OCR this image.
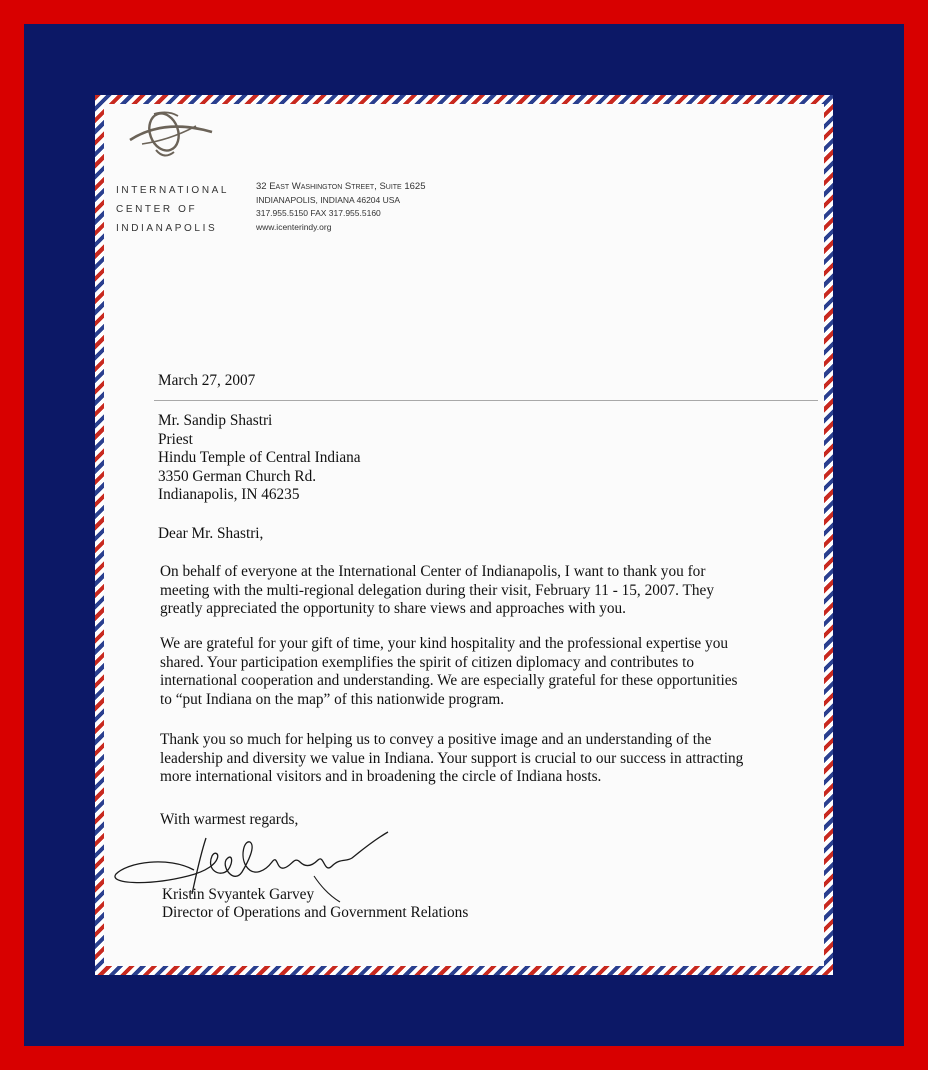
INTERNATIONAL
CENTER OF
INDIANAPOLIS
32 East Washington Street, Suite 1625
INDIANAPOLIS, INDIANA 46204 USA
317.955.5150 FAX 317.955.5160
www.icenterindy.org
March 27, 2007
Mr. Sandip Shastri
Priest
Hindu Temple of Central Indiana
3350 German Church Rd.
Indianapolis, IN 46235
Dear Mr. Shastri,
On behalf of everyone at the International Center of Indianapolis, I want to thank you for
meeting with the multi-regional delegation during their visit, February 11 - 15, 2007. They
greatly appreciated the opportunity to share views and approaches with you.
We are grateful for your gift of time, your kind hospitality and the professional expertise you
shared. Your participation exemplifies the spirit of citizen diplomacy and contributes to
international cooperation and understanding. We are especially grateful for these opportunities
to “put Indiana on the map” of this nationwide program.
Thank you so much for helping us to convey a positive image and an understanding of the
leadership and diversity we value in Indiana. Your support is crucial to our success in attracting
more international visitors and in broadening the circle of Indiana hosts.
With warmest regards,
Kristin Svyantek Garvey
Director of Operations and Government Relations
